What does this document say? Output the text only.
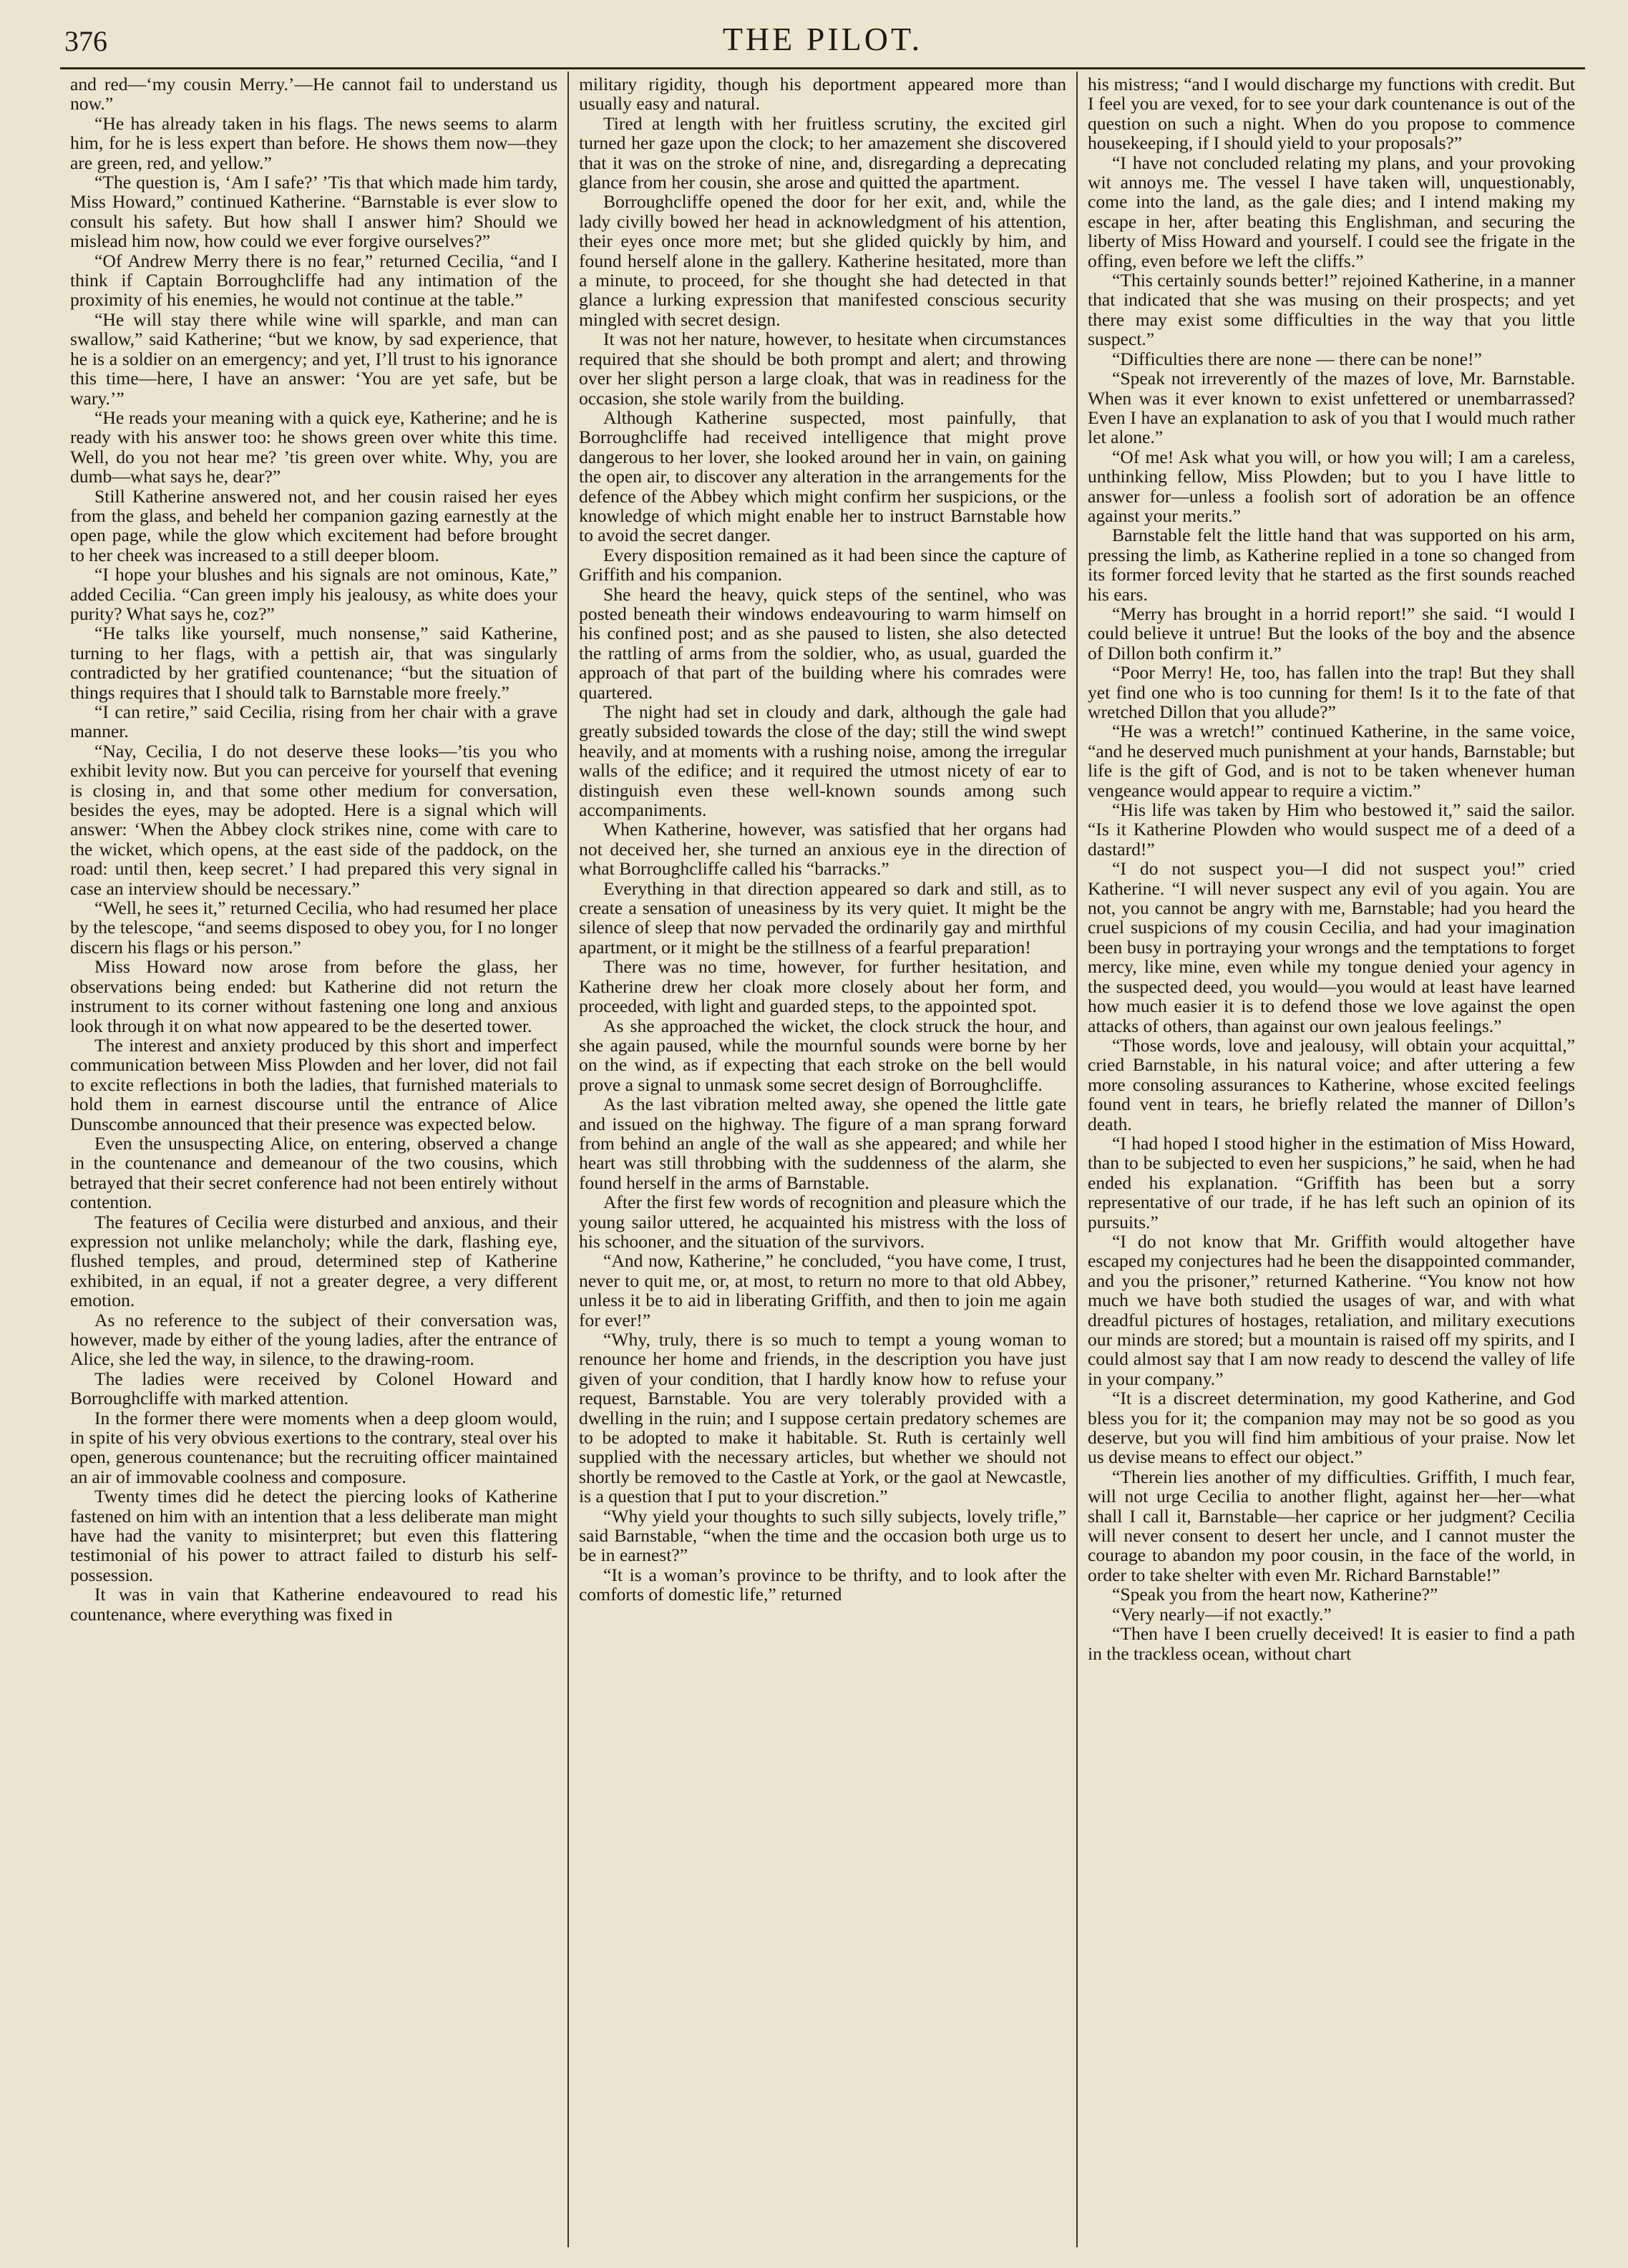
376	THE PILOT.

and red—‘my cousin Merry.’—He cannot fail to understand us now.”

“He has already taken in his flags. The news seems to alarm him, for he is less expert than before. He shows them now—they are green, red, and yellow.”

“The question is, ‘Am I safe?’ ’Tis that which made him tardy, Miss Howard,” continued Katherine. “Barnstable is ever slow to consult his safety. But how shall I answer him? Should we mislead him now, how could we ever forgive ourselves?”

“Of Andrew Merry there is no fear,” returned Cecilia, “and I think if Captain Borroughcliffe had any intimation of the proximity of his enemies, he would not continue at the table.”

“He will stay there while wine will sparkle, and man can swallow,” said Katherine; “but we know, by sad experience, that he is a soldier on an emergency; and yet, I’ll trust to his ignorance this time—here, I have an answer: ‘You are yet safe, but be wary.’”

“He reads your meaning with a quick eye, Katherine; and he is ready with his answer too: he shows green over white this time. Well, do you not hear me? ’tis green over white. Why, you are dumb—what says he, dear?”

Still Katherine answered not, and her cousin raised her eyes from the glass, and beheld her companion gazing earnestly at the open page, while the glow which excitement had before brought to her cheek was increased to a still deeper bloom.

“I hope your blushes and his signals are not ominous, Kate,” added Cecilia. “Can green imply his jealousy, as white does your purity? What says he, coz?”

“He talks like yourself, much nonsense,” said Katherine, turning to her flags, with a pettish air, that was singularly contradicted by her gratified countenance; “but the situation of things requires that I should talk to Barnstable more freely.”

“I can retire,” said Cecilia, rising from her chair with a grave manner.

“Nay, Cecilia, I do not deserve these looks—’tis you who exhibit levity now. But you can perceive for yourself that evening is closing in, and that some other medium for conversation, besides the eyes, may be adopted. Here is a signal which will answer: ‘When the Abbey clock strikes nine, come with care to the wicket, which opens, at the east side of the paddock, on the road: until then, keep secret.’ I had prepared this very signal in case an interview should be necessary.”

“Well, he sees it,” returned Cecilia, who had resumed her place by the telescope, “and seems disposed to obey you, for I no longer discern his flags or his person.”

Miss Howard now arose from before the glass, her observations being ended: but Katherine did not return the instrument to its corner without fastening one long and anxious look through it on what now appeared to be the deserted tower.

The interest and anxiety produced by this short and imperfect communication between Miss Plowden and her lover, did not fail to excite reflections in both the ladies, that furnished materials to hold them in earnest discourse until the entrance of Alice Dunscombe announced that their presence was expected below.

Even the unsuspecting Alice, on entering, observed a change in the countenance and demeanour of the two cousins, which betrayed that their secret conference had not been entirely without contention.

The features of Cecilia were disturbed and anxious, and their expression not unlike melancholy; while the dark, flashing eye, flushed temples, and proud, determined step of Katherine exhibited, in an equal, if not a greater degree, a very different emotion.

As no reference to the subject of their conversation was, however, made by either of the young ladies, after the entrance of Alice, she led the way, in silence, to the drawing-room.

The ladies were received by Colonel Howard and Borroughcliffe with marked attention.

In the former there were moments when a deep gloom would, in spite of his very obvious exertions to the contrary, steal over his open, generous countenance; but the recruiting officer maintained an air of immovable coolness and composure.

Twenty times did he detect the piercing looks of Katherine fastened on him with an intention that a less deliberate man might have had the vanity to misinterpret; but even this flattering testimonial of his power to attract failed to disturb his self-possession.

It was in vain that Katherine endeavoured to read his countenance, where everything was fixed in

military rigidity, though his deportment appeared more than usually easy and natural.

Tired at length with her fruitless scrutiny, the excited girl turned her gaze upon the clock; to her amazement she discovered that it was on the stroke of nine, and, disregarding a deprecating glance from her cousin, she arose and quitted the apartment.

Borroughcliffe opened the door for her exit, and, while the lady civilly bowed her head in acknowledgment of his attention, their eyes once more met; but she glided quickly by him, and found herself alone in the gallery. Katherine hesitated, more than a minute, to proceed, for she thought she had detected in that glance a lurking expression that manifested conscious security mingled with secret design.

It was not her nature, however, to hesitate when circumstances required that she should be both prompt and alert; and throwing over her slight person a large cloak, that was in readiness for the occasion, she stole warily from the building.

Although Katherine suspected, most painfully, that Borroughcliffe had received intelligence that might prove dangerous to her lover, she looked around her in vain, on gaining the open air, to discover any alteration in the arrangements for the defence of the Abbey which might confirm her suspicions, or the knowledge of which might enable her to instruct Barnstable how to avoid the secret danger.

Every disposition remained as it had been since the capture of Griffith and his companion.

She heard the heavy, quick steps of the sentinel, who was posted beneath their windows endeavouring to warm himself on his confined post; and as she paused to listen, she also detected the rattling of arms from the soldier, who, as usual, guarded the approach of that part of the building where his comrades were quartered.

The night had set in cloudy and dark, although the gale had greatly subsided towards the close of the day; still the wind swept heavily, and at moments with a rushing noise, among the irregular walls of the edifice; and it required the utmost nicety of ear to distinguish even these well-known sounds among such accompaniments.

When Katherine, however, was satisfied that her organs had not deceived her, she turned an anxious eye in the direction of what Borroughcliffe called his “barracks.”

Everything in that direction appeared so dark and still, as to create a sensation of uneasiness by its very quiet. It might be the silence of sleep that now pervaded the ordinarily gay and mirthful apartment, or it might be the stillness of a fearful preparation!

There was no time, however, for further hesitation, and Katherine drew her cloak more closely about her form, and proceeded, with light and guarded steps, to the appointed spot.

As she approached the wicket, the clock struck the hour, and she again paused, while the mournful sounds were borne by her on the wind, as if expecting that each stroke on the bell would prove a signal to unmask some secret design of Borroughcliffe.

As the last vibration melted away, she opened the little gate and issued on the highway. The figure of a man sprang forward from behind an angle of the wall as she appeared; and while her heart was still throbbing with the suddenness of the alarm, she found herself in the arms of Barnstable.

After the first few words of recognition and pleasure which the young sailor uttered, he acquainted his mistress with the loss of his schooner, and the situation of the survivors.

“And now, Katherine,” he concluded, “you have come, I trust, never to quit me, or, at most, to return no more to that old Abbey, unless it be to aid in liberating Griffith, and then to join me again for ever!”

“Why, truly, there is so much to tempt a young woman to renounce her home and friends, in the description you have just given of your condition, that I hardly know how to refuse your request, Barnstable. You are very tolerably provided with a dwelling in the ruin; and I suppose certain predatory schemes are to be adopted to make it habitable. St. Ruth is certainly well supplied with the necessary articles, but whether we should not shortly be removed to the Castle at York, or the gaol at Newcastle, is a question that I put to your discretion.”

“Why yield your thoughts to such silly subjects, lovely trifle,” said Barnstable, “when the time and the occasion both urge us to be in earnest?”

“It is a woman’s province to be thrifty, and to look after the comforts of domestic life,” returned

his mistress; “and I would discharge my functions with credit. But I feel you are vexed, for to see your dark countenance is out of the question on such a night. When do you propose to commence housekeeping, if I should yield to your proposals?”

“I have not concluded relating my plans, and your provoking wit annoys me. The vessel I have taken will, unquestionably, come into the land, as the gale dies; and I intend making my escape in her, after beating this Englishman, and securing the liberty of Miss Howard and yourself. I could see the frigate in the offing, even before we left the cliffs.”

“This certainly sounds better!” rejoined Katherine, in a manner that indicated that she was musing on their prospects; and yet there may exist some difficulties in the way that you little suspect.”

“Difficulties there are none — there can be none!”

“Speak not irreverently of the mazes of love, Mr. Barnstable. When was it ever known to exist unfettered or unembarrassed? Even I have an explanation to ask of you that I would much rather let alone.”

“Of me! Ask what you will, or how you will; I am a careless, unthinking fellow, Miss Plowden; but to you I have little to answer for—unless a foolish sort of adoration be an offence against your merits.”

Barnstable felt the little hand that was supported on his arm, pressing the limb, as Katherine replied in a tone so changed from its former forced levity that he started as the first sounds reached his ears.

“Merry has brought in a horrid report!” she said. “I would I could believe it untrue! But the looks of the boy and the absence of Dillon both confirm it.”

“Poor Merry! He, too, has fallen into the trap! But they shall yet find one who is too cunning for them! Is it to the fate of that wretched Dillon that you allude?”

“He was a wretch!” continued Katherine, in the same voice, “and he deserved much punishment at your hands, Barnstable; but life is the gift of God, and is not to be taken whenever human vengeance would appear to require a victim.”

“His life was taken by Him who bestowed it,” said the sailor. “Is it Katherine Plowden who would suspect me of a deed of a dastard!”

“I do not suspect you—I did not suspect you!” cried Katherine. “I will never suspect any evil of you again. You are not, you cannot be angry with me, Barnstable; had you heard the cruel suspicions of my cousin Cecilia, and had your imagination been busy in portraying your wrongs and the temptations to forget mercy, like mine, even while my tongue denied your agency in the suspected deed, you would—you would at least have learned how much easier it is to defend those we love against the open attacks of others, than against our own jealous feelings.”

“Those words, love and jealousy, will obtain your acquittal,” cried Barnstable, in his natural voice; and after uttering a few more consoling assurances to Katherine, whose excited feelings found vent in tears, he briefly related the manner of Dillon’s death.

“I had hoped I stood higher in the estimation of Miss Howard, than to be subjected to even her suspicions,” he said, when he had ended his explanation. “Griffith has been but a sorry representative of our trade, if he has left such an opinion of its pursuits.”

“I do not know that Mr. Griffith would altogether have escaped my conjectures had he been the disappointed commander, and you the prisoner,” returned Katherine. “You know not how much we have both studied the usages of war, and with what dreadful pictures of hostages, retaliation, and military executions our minds are stored; but a mountain is raised off my spirits, and I could almost say that I am now ready to descend the valley of life in your company.”

“It is a discreet determination, my good Katherine, and God bless you for it; the companion may may not be so good as you deserve, but you will find him ambitious of your praise. Now let us devise means to effect our object.”

“Therein lies another of my difficulties. Griffith, I much fear, will not urge Cecilia to another flight, against her—her—what shall I call it, Barnstable—her caprice or her judgment? Cecilia will never consent to desert her uncle, and I cannot muster the courage to abandon my poor cousin, in the face of the world, in order to take shelter with even Mr. Richard Barnstable!”

“Speak you from the heart now, Katherine?”

“Very nearly—if not exactly.”

“Then have I been cruelly deceived! It is easier to find a path in the trackless ocean, without chart
